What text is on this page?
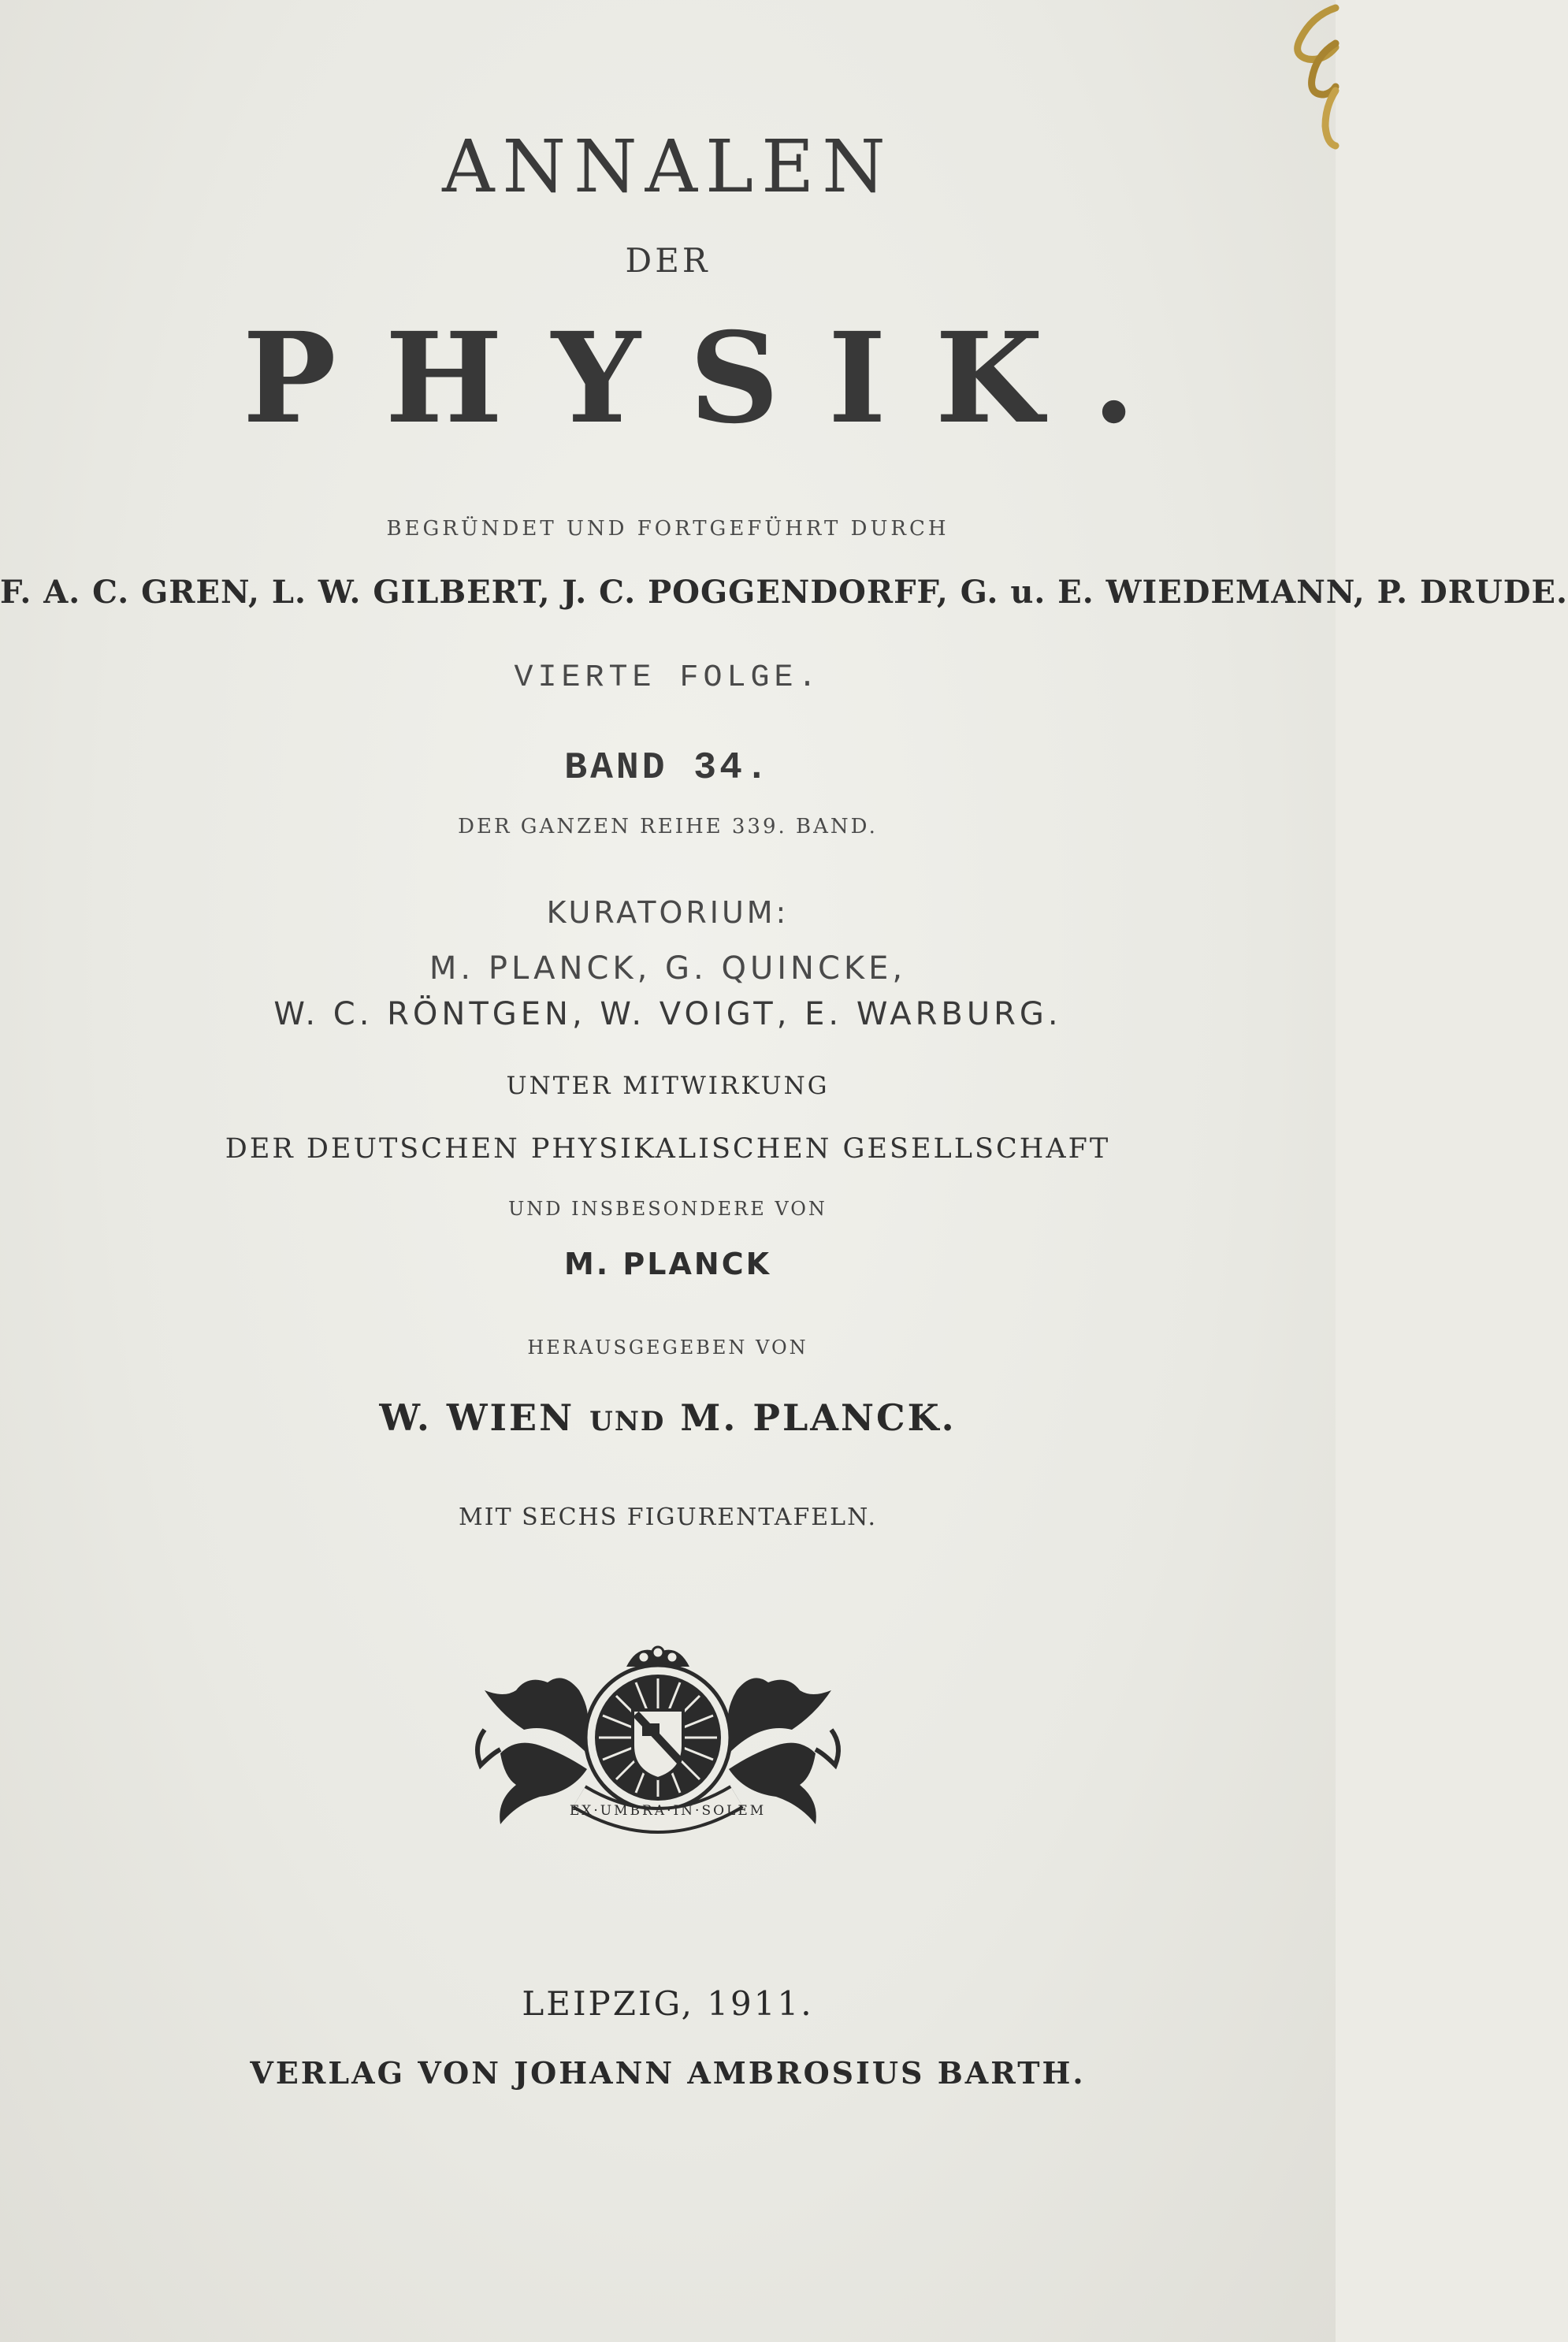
ANNALEN
DER
PHYSIK.
BEGRÜNDET UND FORTGEFÜHRT DURCH
F. A. C. GREN, L. W. GILBERT, J. C. POGGENDORFF, G. u. E. WIEDEMANN, P. DRUDE.
VIERTE FOLGE.
BAND 34.
DER GANZEN REIHE 339. BAND.
KURATORIUM:
M. PLANCK, G. QUINCKE,
W. C. RÖNTGEN, W. VOIGT, E. WARBURG.
UNTER MITWIRKUNG
DER DEUTSCHEN PHYSIKALISCHEN GESELLSCHAFT
UND INSBESONDERE VON
M. PLANCK
HERAUSGEGEBEN VON
W. WIEN UND M. PLANCK.
MIT SECHS FIGURENTAFELN.
EX·UMBRA·IN·SOLEM
LEIPZIG, 1911.
VERLAG VON JOHANN AMBROSIUS BARTH.
